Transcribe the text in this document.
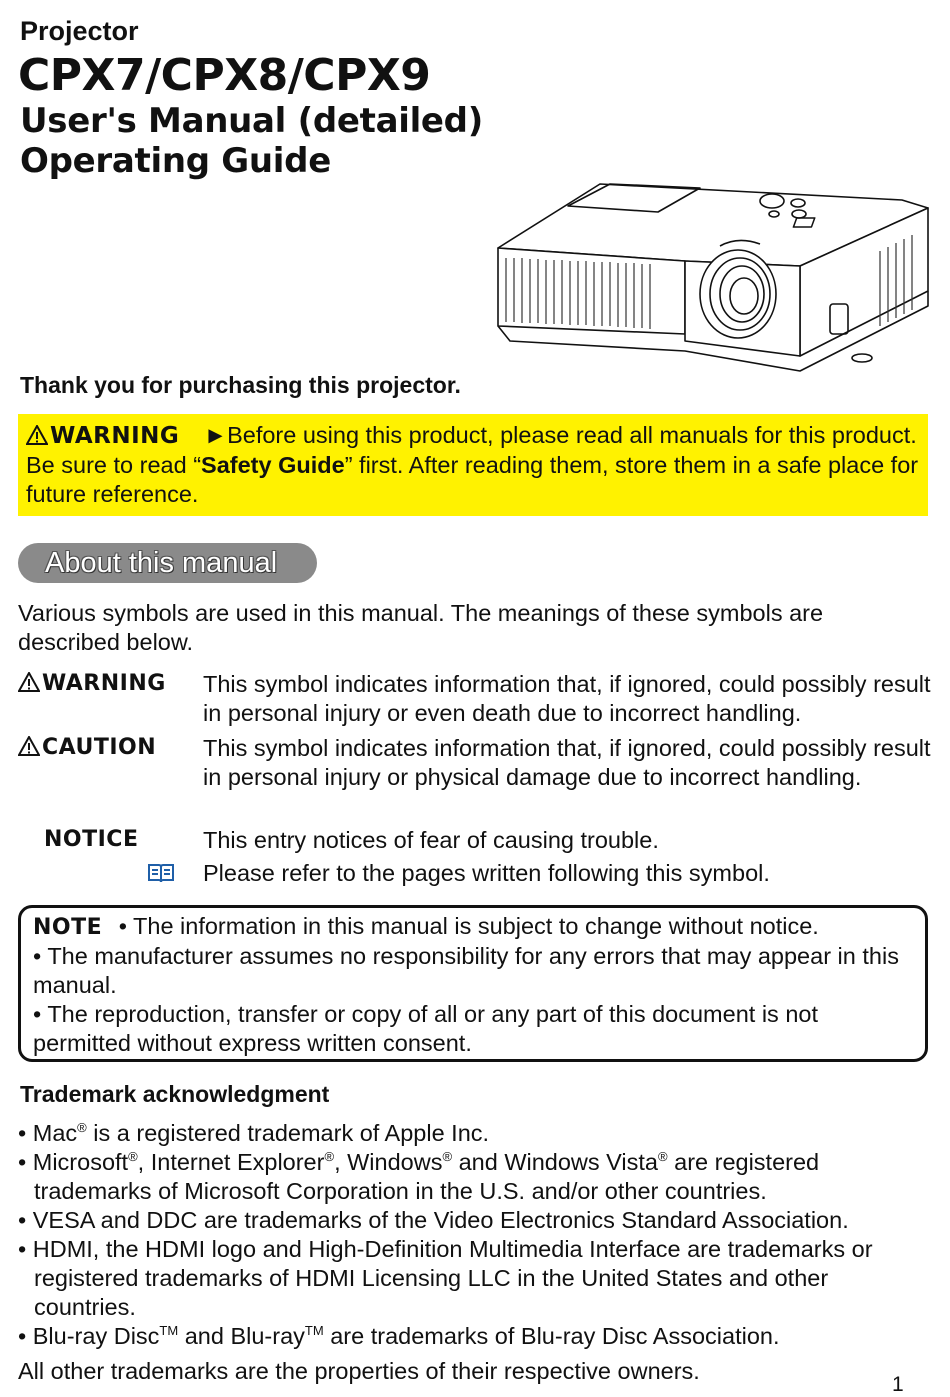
Projector
CPX7/CPX8/CPX9
User's Manual (detailed)
Operating Guide
Thank you for purchasing this projector.
WARNING ►Before using this product, please read all manuals for this product. Be sure to read “Safety Guide” first. After reading them, store them in a safe place for future reference.
About this manual
Various symbols are used in this manual. The meanings of these symbols are described below.
WARNING This symbol indicates information that, if ignored, could possibly result in personal injury or even death due to incorrect handling.
CAUTION This symbol indicates information that, if ignored, could possibly result in personal injury or physical damage due to incorrect handling.
NOTICE	This entry notices of fear of causing trouble.
Please refer to the pages written following this symbol.
NOTE • The information in this manual is subject to change without notice.
• The manufacturer assumes no responsibility for any errors that may appear in this manual.
• The reproduction, transfer or copy of all or any part of this document is not permitted without express written consent.
Trademark acknowledgment
• Mac® is a registered trademark of Apple Inc.
• Microsoft®, Internet Explorer®, Windows® and Windows Vista® are registered trademarks of Microsoft Corporation in the U.S. and/or other countries.
• VESA and DDC are trademarks of the Video Electronics Standard Association.
• HDMI, the HDMI logo and High-Definition Multimedia Interface are trademarks or registered trademarks of HDMI Licensing LLC in the United States and other countries.
• Blu-ray Disc™ and Blu-ray™ are trademarks of Blu-ray Disc Association.
All other trademarks are the properties of their respective owners.
1
